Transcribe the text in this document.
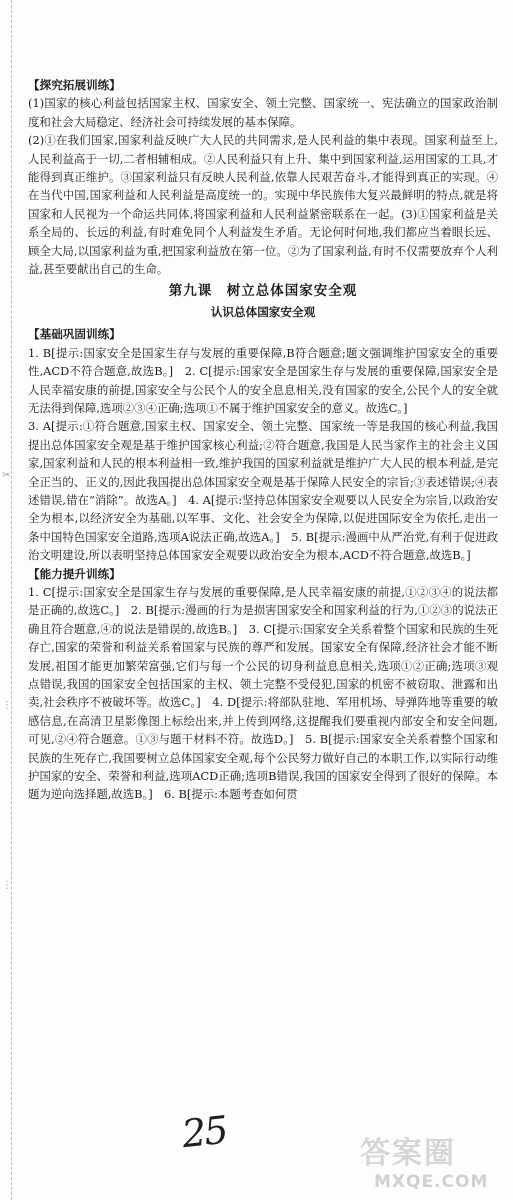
✂
⋮
⋮

【探究拓展训练】

(1)国家的核心利益包括国家主权、国家安全、领土完整、国家统一、宪法确立的国家政治制度和社会大局稳定、经济社会可持续发展的基本保障。

(2)①在我们国家,国家利益反映广大人民的共同需求,是人民利益的集中表现。国家利益至上,人民利益高于一切,二者相辅相成。②人民利益只有上升、集中到国家利益,运用国家的工具,才能得到真正维护。③国家利益只有反映人民利益,依靠人民艰苦奋斗,才能得到真正的实现。④在当代中国,国家利益和人民利益是高度统一的。实现中华民族伟大复兴最鲜明的特点,就是将国家和人民视为一个命运共同体,将国家利益和人民利益紧密联系在一起。(3)①国家利益是关系全局的、长远的利益,有时难免同个人利益发生矛盾。无论何时何地,我们都应当着眼长远、顾全大局,以国家利益为重,把国家利益放在第一位。②为了国家利益,有时不仅需要放弃个人利益,甚至要献出自己的生命。

第九课　树立总体国家安全观

认识总体国家安全观

【基础巩固训练】

1. B[提示:国家安全是国家生存与发展的重要保障,B符合题意;题文强调维护国家安全的重要性,ACD不符合题意,故选B。]　2. C[提示:国家安全是国家生存与发展的重要保障,国家安全是人民幸福安康的前提,国家安全与公民个人的安全息息相关,没有国家的安全,公民个人的安全就无法得到保障,选项②③④正确;选项①不属于维护国家安全的意义。故选C。]

3. A[提示:①符合题意,国家主权、国家安全、领土完整、国家统一等是我国的核心利益,我国提出总体国家安全观是基于维护国家核心利益;②符合题意,我国是人民当家作主的社会主义国家,国家利益和人民的根本利益相一致,维护我国的国家利益就是维护广大人民的根本利益,是完全正当的、正义的,因此我国提出总体国家安全观是基于保障人民安全的宗旨;③表述错误;④表述错误,错在“消除”。故选A。]　4. A[提示:坚持总体国家安全观要以人民安全为宗旨,以政治安全为根本,以经济安全为基础,以军事、文化、社会安全为保障,以促进国际安全为依托,走出一条中国特色国家安全道路,选项A说法正确,故选A。]　5. B[提示:漫画中从严治党,有利于促进政治文明建设,所以表明坚持总体国家安全观要以政治安全为根本,ACD不符合题意,故选B。]

【能力提升训练】

1. C[提示:国家安全是国家生存与发展的重要保障,是人民幸福安康的前提,①②③④的说法都是正确的,故选C。]　2. B[提示:漫画的行为是损害国家安全和国家利益的行为,①②③的说法正确且符合题意,④的说法是错误的,故选B。]　3. C[提示:国家安全关系着整个国家和民族的生死存亡,国家的荣誉和利益关系着国家与民族的尊严和发展。国家安全有保障,经济社会才能不断发展,祖国才能更加繁荣富强,它们与每一个公民的切身利益息息相关,选项①②正确;选项③观点错误,我国的国家安全包括国家的主权、领土完整不受侵犯,国家的机密不被窃取、泄露和出卖,社会秩序不被破坏等。故选C。]　4. D[提示:将部队驻地、军用机场、导弹阵地等重要的敏感信息,在高清卫星影像图上标绘出来,并上传到网络,这提醒我们要重视内部安全和安全问题,可见,②④符合题意。①③与题干材料不符。故选D。]　5. B[提示:国家安全关系着整个国家和民族的生死存亡,我国要树立总体国家安全观,每个公民努力做好自己的本职工作,以实际行动维护国家的安全、荣誉和利益,选项ACD正确;选项B错误,我国的国家安全得到了很好的保障。本题为逆向选择题,故选B。]　6. B[提示:本题考查如何贯

25	答案圈
MXQE.COM
